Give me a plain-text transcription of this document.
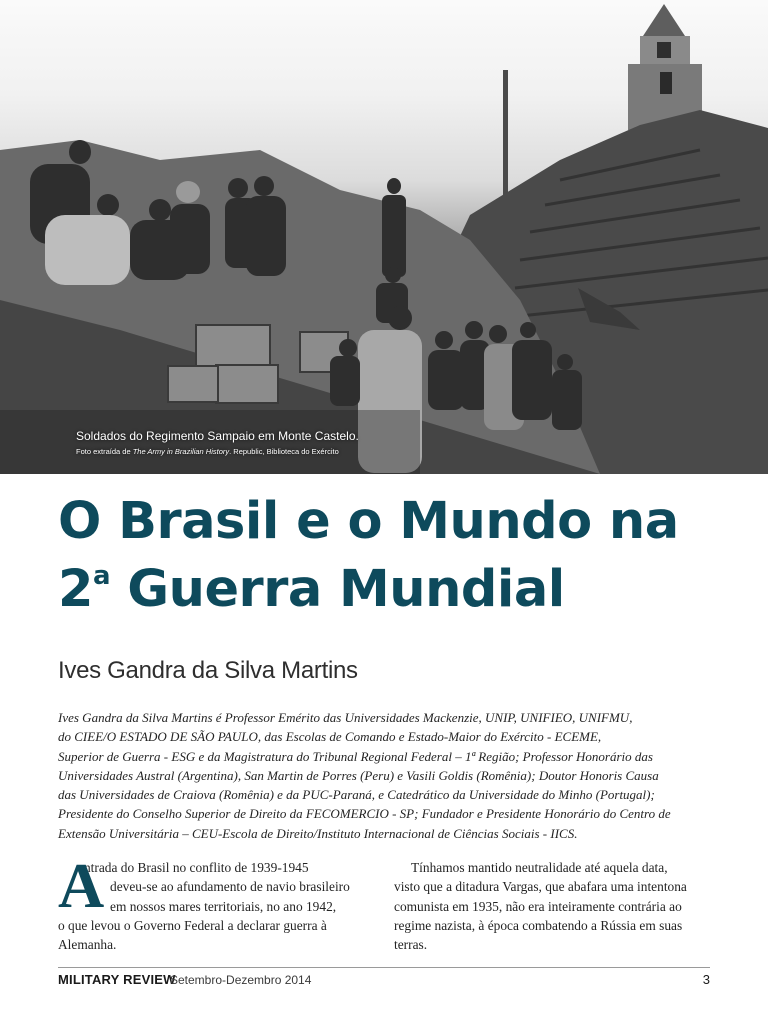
Soldados do Regimento Sampaio em Monte Castelo.
Foto extraída de The Army in Brazilian History. Republic, Biblioteca do Exército
O Brasil e o Mundo na
2$^a$ Guerra Mundial
Ives Gandra da Silva Martins
Ives Gandra da Silva Martins é Professor Emérito das Universidades Mackenzie, UNIP, UNIFIEO, UNIFMU,
do CIEE/O ESTADO DE SÃO PAULO, das Escolas de Comando e Estado-Maior do Exército - ECEME,
Superior de Guerra - ESG e da Magistratura do Tribunal Regional Federal – 1ª Região; Professor Honorário das
Universidades Austral (Argentina), San Martin de Porres (Peru) e Vasili Goldis (Romênia); Doutor Honoris Causa
das Universidades de Craiova (Romênia) e da PUC-Paraná, e Catedrático da Universidade do Minho (Portugal);
Presidente do Conselho Superior de Direito da FECOMERCIO - SP; Fundador e Presidente Honorário do Centro de
Extensão Universitária – CEU-Escola de Direito/Instituto Internacional de Ciências Sociais - IICS.
A
entrada do Brasil no conflito de 1939-1945
deveu-se ao afundamento de navio brasileiro
em nossos mares territoriais, no ano 1942,
o que levou o Governo Federal a declarar guerra à
Alemanha.
Tínhamos mantido neutralidade até aquela data,
visto que a ditadura Vargas, que abafara uma intentona
comunista em 1935, não era inteiramente contrária ao
regime nazista, à época combatendo a Rússia em suas
terras.
MILITARY REVIEW
Setembro-Dezembro 2014	3
